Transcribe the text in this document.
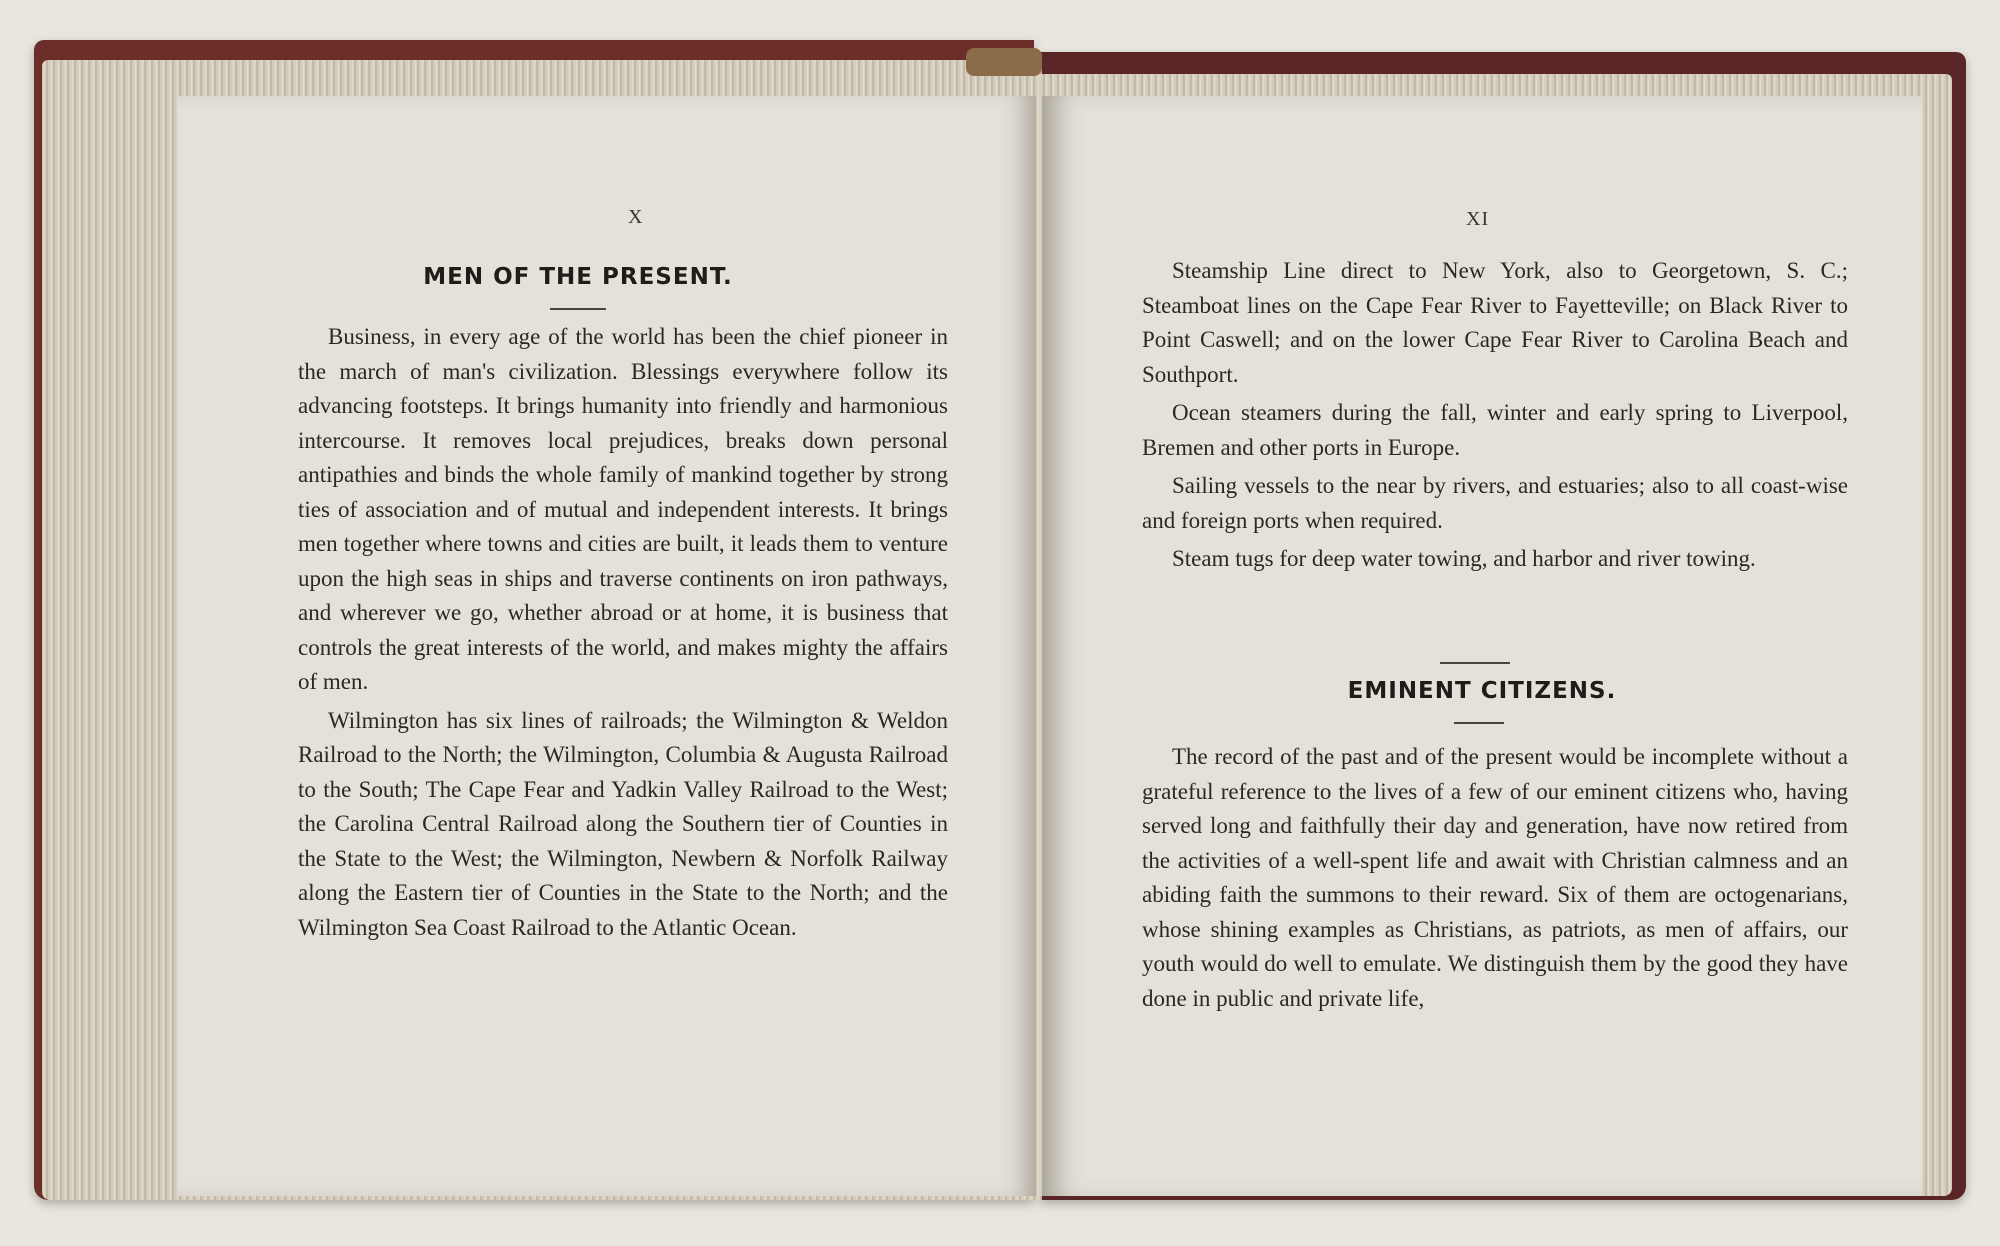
X
MEN OF THE PRESENT.

Business, in every age of the world has been the chief pioneer in the march of man's civilization. Blessings everywhere follow its advancing footsteps. It brings humanity into friendly and harmonious intercourse. It removes local prejudices, breaks down personal antipathies and binds the whole family of mankind together by strong ties of association and of mutual and independent interests. It brings men together where towns and cities are built, it leads them to venture upon the high seas in ships and traverse continents on iron pathways, and wherever we go, whether abroad or at home, it is business that controls the great interests of the world, and makes mighty the affairs of men.

Wilmington has six lines of railroads; the Wilmington & Weldon Railroad to the North; the Wilmington, Columbia & Augusta Railroad to the South; The Cape Fear and Yadkin Valley Railroad to the West; the Carolina Central Railroad along the Southern tier of Counties in the State to the West; the Wilmington, Newbern & Norfolk Railway along the Eastern tier of Counties in the State to the North; and the Wilmington Sea Coast Railroad to the Atlantic Ocean.

XI

Steamship Line direct to New York, also to Georgetown, S. C.; Steamboat lines on the Cape Fear River to Fayetteville; on Black River to Point Caswell; and on the lower Cape Fear River to Carolina Beach and Southport.

Ocean steamers during the fall, winter and early spring to Liverpool, Bremen and other ports in Europe.

Sailing vessels to the near by rivers, and estuaries; also to all coast-wise and foreign ports when required.

Steam tugs for deep water towing, and harbor and river towing.

EMINENT CITIZENS.

The record of the past and of the present would be incomplete without a grateful reference to the lives of a few of our eminent citizens who, having served long and faithfully their day and generation, have now retired from the activities of a well-spent life and await with Christian calmness and an abiding faith the summons to their reward. Six of them are octogenarians, whose shining examples as Christians, as patriots, as men of affairs, our youth would do well to emulate. We distinguish them by the good they have done in public and private life,
